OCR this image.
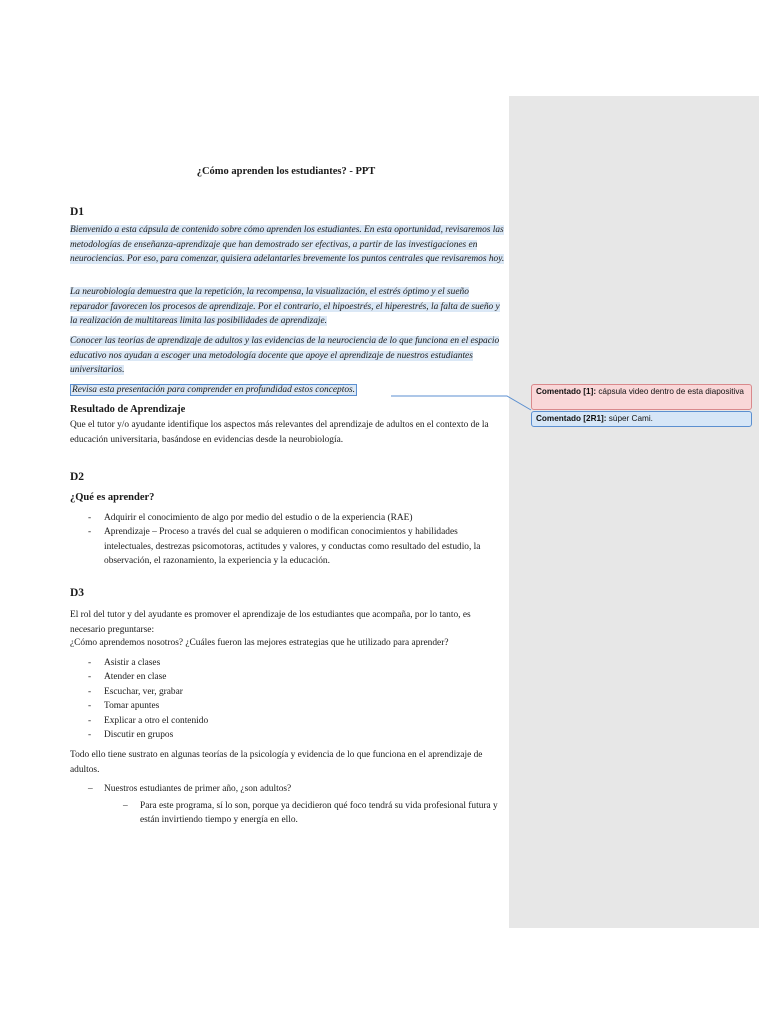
¿Cómo aprenden los estudiantes? - PPT
D1
Bienvenido a esta cápsula de contenido sobre cómo aprenden los estudiantes. En esta oportunidad, revisaremos las metodologías de enseñanza-aprendizaje que han demostrado ser efectivas, a partir de las investigaciones en neurociencias. Por eso, para comenzar, quisiera adelantarles brevemente los puntos centrales que revisaremos hoy.
La neurobiología demuestra que la repetición, la recompensa, la visualización, el estrés óptimo y el sueño reparador favorecen los procesos de aprendizaje. Por el contrario, el hipoestrés, el hiperestrés, la falta de sueño y la realización de multitareas limita las posibilidades de aprendizaje.
Conocer las teorías de aprendizaje de adultos y las evidencias de la neurociencia de lo que funciona en el espacio educativo nos ayudan a escoger una metodología docente que apoye el aprendizaje de nuestros estudiantes universitarios.
Revisa esta presentación para comprender en profundidad estos conceptos.
Resultado de Aprendizaje
Que el tutor y/o ayudante identifique los aspectos más relevantes del aprendizaje de adultos en el contexto de la educación universitaria, basándose en evidencias desde la neurobiología.
D2
¿Qué es aprender?
- Adquirir el conocimiento de algo por medio del estudio o de la experiencia (RAE)
- Aprendizaje – Proceso a través del cual se adquieren o modifican conocimientos y habilidades intelectuales, destrezas psicomotoras, actitudes y valores, y conductas como resultado del estudio, la observación, el razonamiento, la experiencia y la educación.
D3
El rol del tutor y del ayudante es promover el aprendizaje de los estudiantes que acompaña, por lo tanto, es necesario preguntarse:
¿Cómo aprendemos nosotros? ¿Cuáles fueron las mejores estrategias que he utilizado para aprender?
- Asistir a clases
- Atender en clase
- Escuchar, ver, grabar
- Tomar apuntes
- Explicar a otro el contenido
- Discutir en grupos
Todo ello tiene sustrato en algunas teorías de la psicología y evidencia de lo que funciona en el aprendizaje de adultos.
– Nuestros estudiantes de primer año, ¿son adultos?
– Para este programa, sí lo son, porque ya decidieron qué foco tendrá su vida profesional futura y están invirtiendo tiempo y energía en ello.
Comentado [1]: cápsula video dentro de esta diapositiva
Comentado [2R1]: súper Cami.
